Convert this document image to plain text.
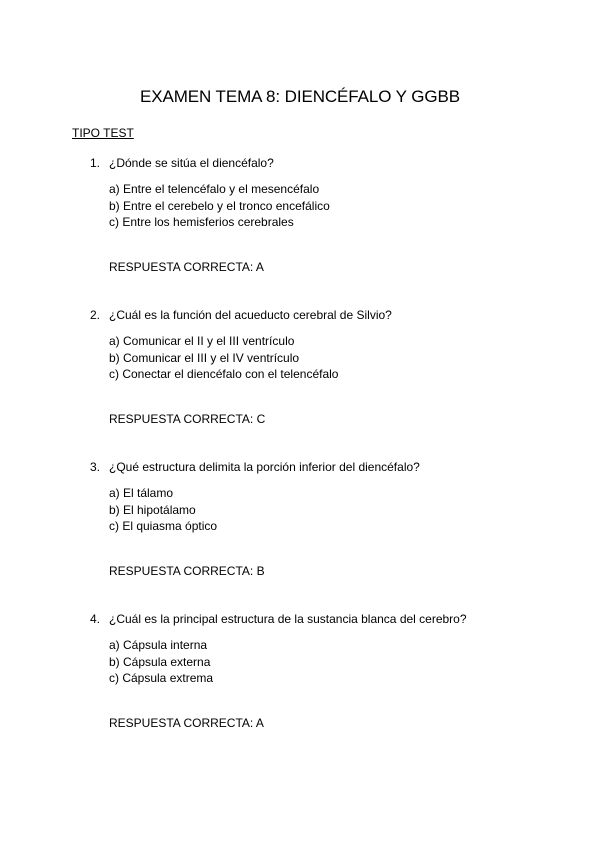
EXAMEN TEMA 8: DIENCÉFALO Y GGBB
TIPO TEST
1. ¿Dónde se sitúa el diencéfalo?
a) Entre el telencéfalo y el mesencéfalo
b) Entre el cerebelo y el tronco encefálico
c) Entre los hemisferios cerebrales
RESPUESTA CORRECTA: A
2. ¿Cuál es la función del acueducto cerebral de Silvio?
a) Comunicar el II y el III ventrículo
b) Comunicar el III y el IV ventrículo
c) Conectar el diencéfalo con el telencéfalo
RESPUESTA CORRECTA: C
3. ¿Qué estructura delimita la porción inferior del diencéfalo?
a) El tálamo
b) El hipotálamo
c) El quiasma óptico
RESPUESTA CORRECTA: B
4. ¿Cuál es la principal estructura de la sustancia blanca del cerebro?
a) Cápsula interna
b) Cápsula externa
c) Cápsula extrema
RESPUESTA CORRECTA: A
